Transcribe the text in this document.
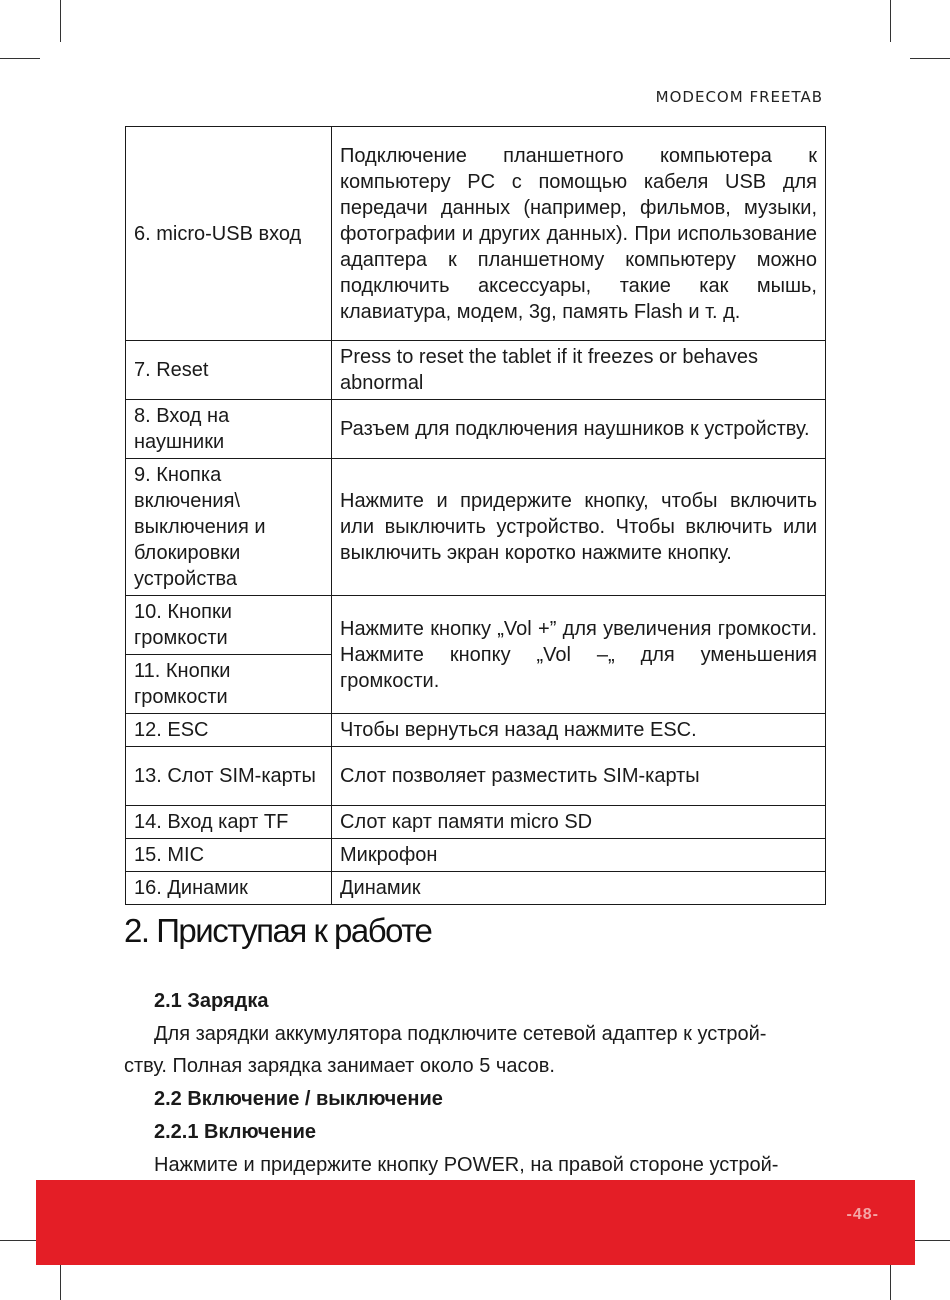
MODECOM FREETAB
6. micro-USB вход	Подключение планшетного компьютера к компьютеру PC с помощью кабеля USB для передачи данных (например, фильмов, музыки, фотографии и других данных). При использование адаптера к планшетному компьютеру можно подключить аксессуары, такие как мышь, клавиатура, модем, 3g, память Flash и т. д.
7. Reset	Press to reset the tablet if it freezes or behaves abnormal
8. Вход на наушники	Разъем для подключения наушников к устройству.
9. Кнопка включения\ выключения и блокировки устройства	Нажмите и придержите кнопку, чтобы включить или выключить устройство. Чтобы включить или выключить экран коротко нажмите кнопку.
10. Кнопки громкости	Нажмите кнопку „Vol +” для увеличения громкости. Нажмите кнопку „Vol –„ для уменьшения громкости.
11. Кнопки громкости	
12. ESC	Чтобы вернуться назад нажмите ESC.
13. Слот SIM-карты	Слот позволяет разместить SIM-карты
14. Вход карт TF	Слот карт памяти micro SD
15. MIC	Микрофон
16. Динамик	Динамик
2. Приступая к работе
2.1 Зарядка
Для зарядки аккумулятора подключите сетевой адаптер к устрой-
ству. Полная зарядка занимает около 5 часов.
2.2 Включение / выключение
2.2.1 Включение
Нажмите и придержите кнопку POWER, на правой стороне устрой-
-48-
